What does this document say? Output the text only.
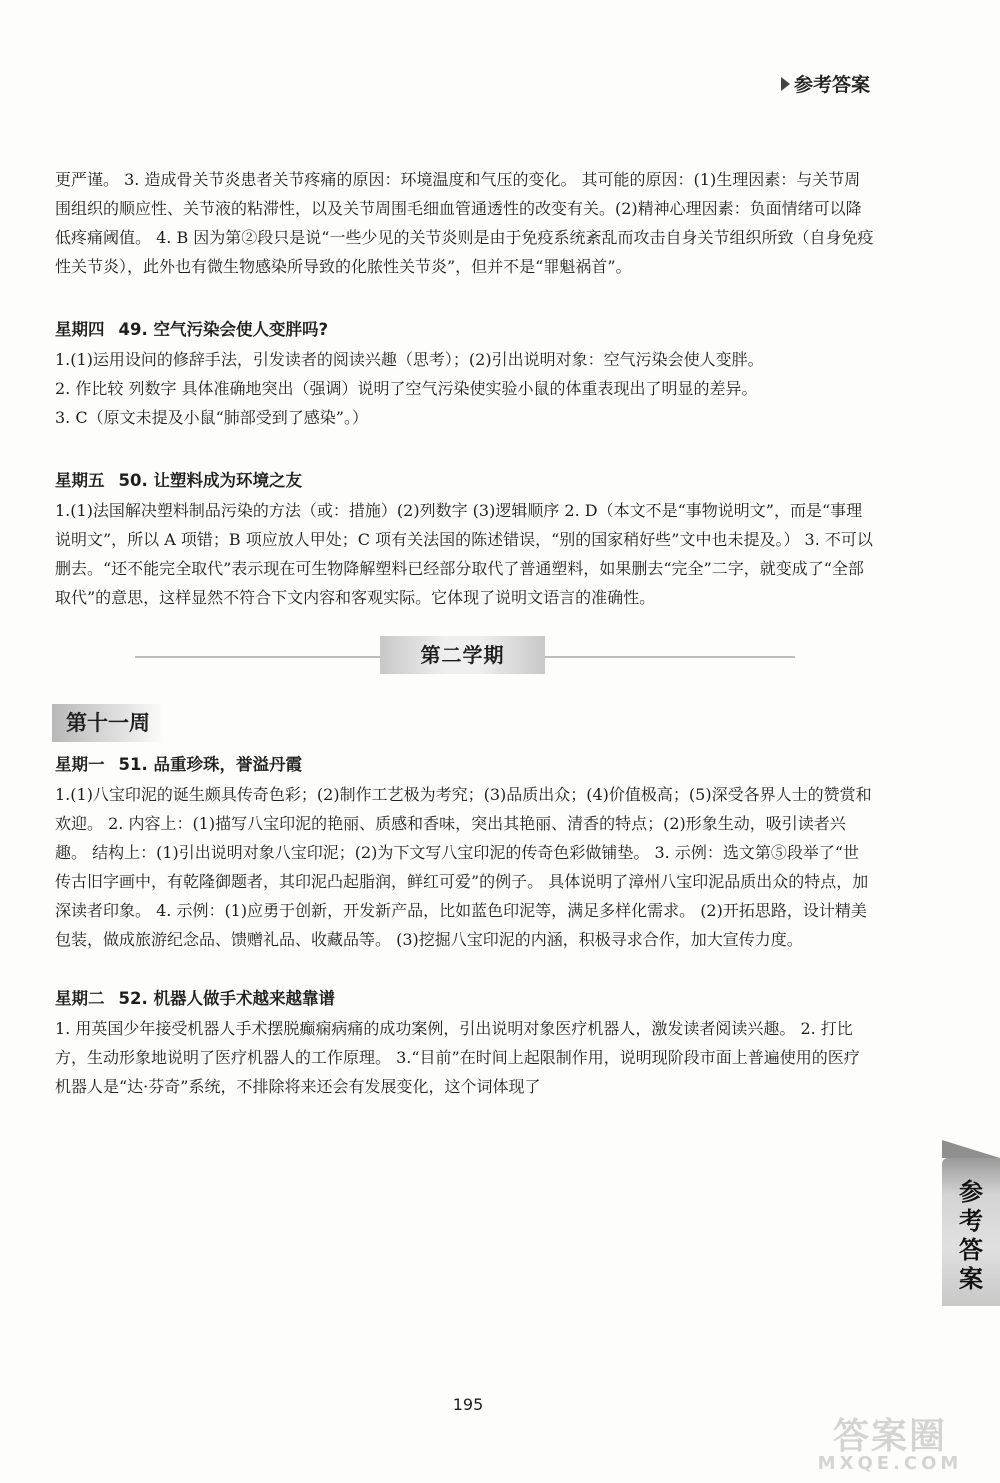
参考答案

更严谨。 3. 造成骨关节炎患者关节疼痛的原因：环境温度和气压的变化。 其可能的原因：(1)生理因素：与关节周围组织的顺应性、关节液的粘滞性，以及关节周围毛细血管通透性的改变有关。(2)精神心理因素：负面情绪可以降低疼痛阈值。 4. B 因为第②段只是说“一些少见的关节炎则是由于免疫系统紊乱而攻击自身关节组织所致（自身免疫性关节炎），此外也有微生物感染所导致的化脓性关节炎”，但并不是“罪魁祸首”。

星期四 49. 空气污染会使人变胖吗?

1.(1)运用设问的修辞手法，引发读者的阅读兴趣（思考）；(2)引出说明对象：空气污染会使人变胖。

2. 作比较 列数字 具体准确地突出（强调）说明了空气污染使实验小鼠的体重表现出了明显的差异。

3. C（原文未提及小鼠“肺部受到了感染”。）

星期五 50. 让塑料成为环境之友

1.(1)法国解决塑料制品污染的方法（或：措施）(2)列数字 (3)逻辑顺序 2. D（本文不是“事物说明文”，而是“事理说明文”，所以 A 项错；B 项应放人甲处；C 项有关法国的陈述错误，“别的国家稍好些”文中也未提及。） 3. 不可以删去。“还不能完全取代”表示现在可生物降解塑料已经部分取代了普通塑料，如果删去“完全”二字，就变成了“全部取代”的意思，这样显然不符合下文内容和客观实际。它体现了说明文语言的准确性。

第二学期
第十一周

星期一 51. 品重珍珠，誉溢丹霞

1.(1)八宝印泥的诞生颇具传奇色彩；(2)制作工艺极为考究；(3)品质出众；(4)价值极高；(5)深受各界人士的赞赏和欢迎。 2. 内容上：(1)描写八宝印泥的艳丽、质感和香味，突出其艳丽、清香的特点；(2)形象生动，吸引读者兴趣。 结构上：(1)引出说明对象八宝印泥；(2)为下文写八宝印泥的传奇色彩做铺垫。 3. 示例：选文第⑤段举了“世传古旧字画中，有乾隆御题者，其印泥凸起脂润，鲜红可爱”的例子。 具体说明了漳州八宝印泥品质出众的特点，加深读者印象。 4. 示例：(1)应勇于创新，开发新产品，比如蓝色印泥等，满足多样化需求。 (2)开拓思路，设计精美包装，做成旅游纪念品、馈赠礼品、收藏品等。 (3)挖掘八宝印泥的内涵，积极寻求合作，加大宣传力度。

星期二 52. 机器人做手术越来越靠谱

1. 用英国少年接受机器人手术摆脱癫痫病痛的成功案例，引出说明对象医疗机器人，激发读者阅读兴趣。 2. 打比方，生动形象地说明了医疗机器人的工作原理。 3.“目前”在时间上起限制作用，说明现阶段市面上普遍使用的医疗机器人是“达·芬奇”系统，不排除将来还会有发展变化，这个词体现了

参考答案
195
答案圈
MXQE.COM
